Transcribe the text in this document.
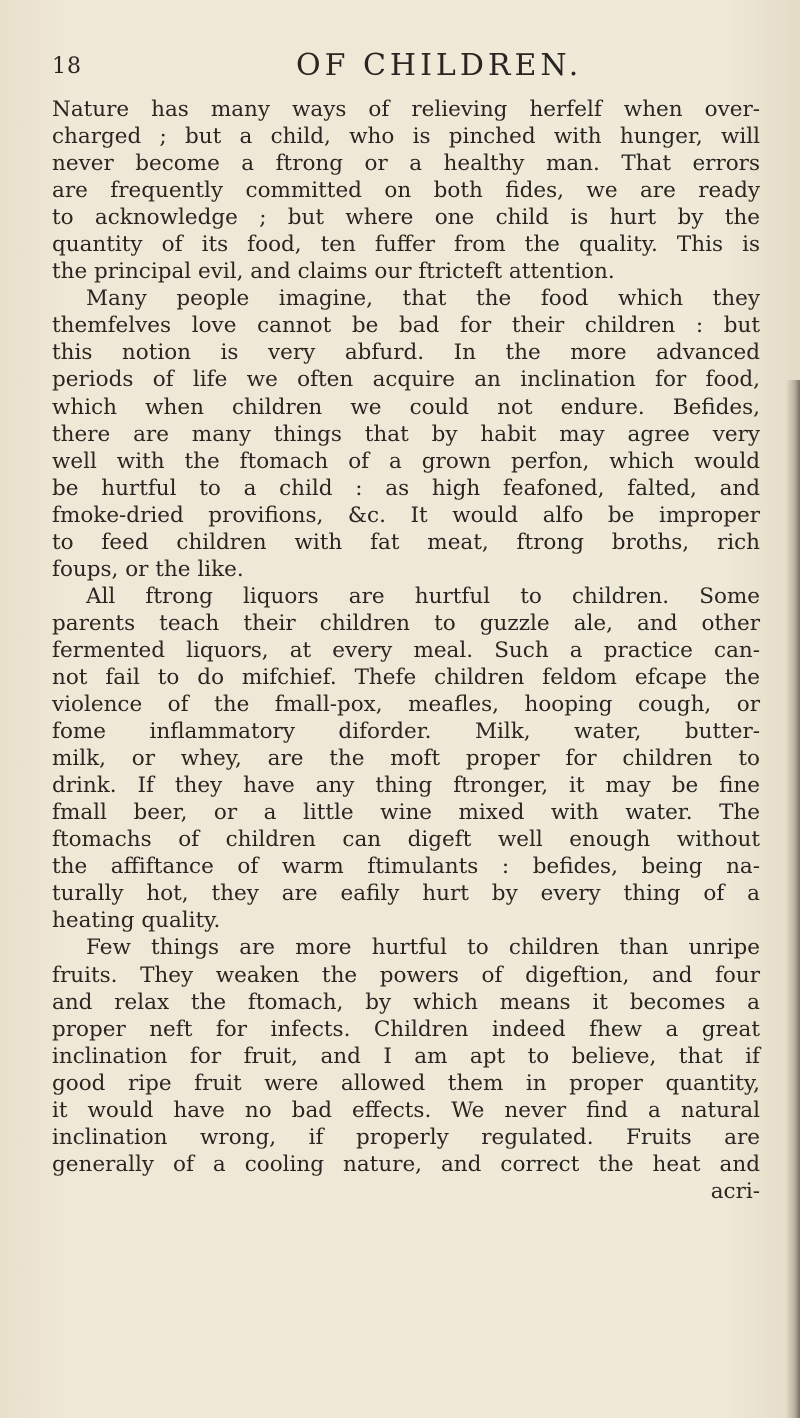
18	OF CHILDREN.
Nature has many ways of relieving herfelf when over-
charged ; but a child, who is pinched with hunger, will
never become a ftrong or a healthy man. That errors
are frequently committed on both fides, we are ready
to acknowledge ; but where one child is hurt by the
quantity of its food, ten fuffer from the quality. This is
the principal evil, and claims our ftricteft attention.
Many people imagine, that the food which they
themfelves love cannot be bad for their children : but
this notion is very abfurd. In the more advanced
periods of life we often acquire an inclination for food,
which when children we could not endure. Befides,
there are many things that by habit may agree very
well with the ftomach of a grown perfon, which would
be hurtful to a child : as high feafoned, falted, and
fmoke-dried provifions, &c. It would alfo be improper
to feed children with fat meat, ftrong broths, rich
foups, or the like.
All ftrong liquors are hurtful to children. Some
parents teach their children to guzzle ale, and other
fermented liquors, at every meal. Such a practice can-
not fail to do mifchief. Thefe children feldom efcape the
violence of the fmall-pox, meafles, hooping cough, or
fome inflammatory diforder. Milk, water, butter-
milk, or whey, are the moft proper for children to
drink. If they have any thing ftronger, it may be fine
fmall beer, or a little wine mixed with water. The
ftomachs of children can digeft well enough without
the affiftance of warm ftimulants : befides, being na-
turally hot, they are eafily hurt by every thing of a
heating quality.
Few things are more hurtful to children than unripe
fruits. They weaken the powers of digeftion, and four
and relax the ftomach, by which means it becomes a
proper neft for infects. Children indeed fhew a great
inclination for fruit, and I am apt to believe, that if
good ripe fruit were allowed them in proper quantity,
it would have no bad effects. We never find a natural
inclination wrong, if properly regulated. Fruits are
generally of a cooling nature, and correct the heat and
acri-
